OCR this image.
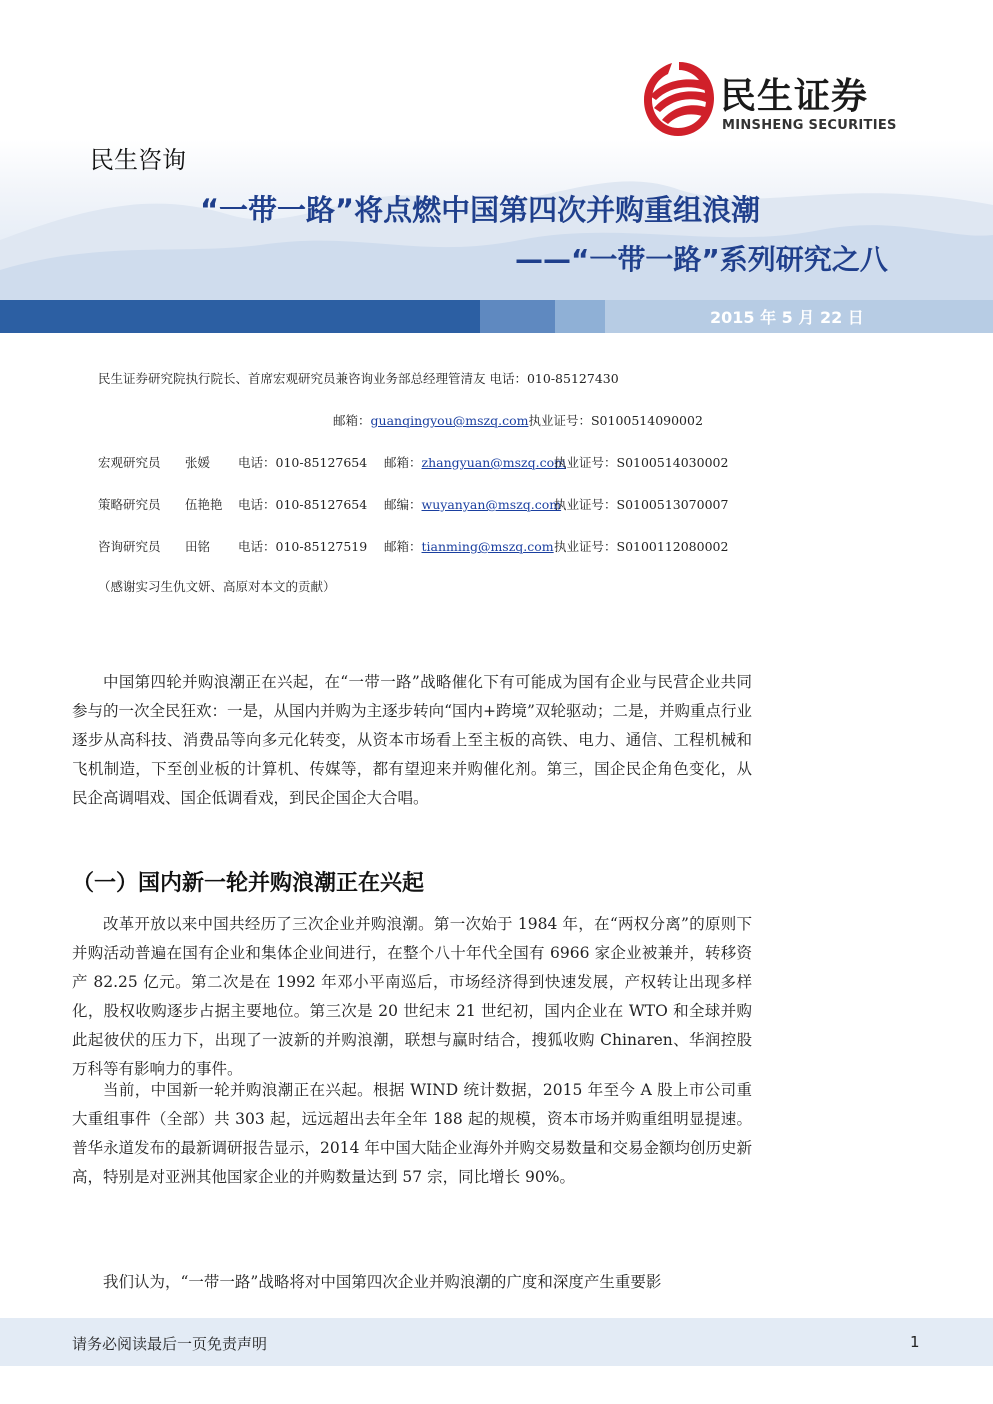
民生证券
MINSHENG SECURITIES
民生咨询
“一带一路”将点燃中国第四次并购重组浪潮
——“一带一路”系列研究之八
2015 年 5 月 22 日
民生证券研究院执行院长、首席宏观研究员兼咨询业务部总经理管清友 电话：010-85127430
邮箱：guanqingyou@mszq.com执业证号：S0100514090002
宏观研究员 张媛 电话：010-85127654 邮箱：zhangyuan@mszq.com
执业证号：S0100514030002
策略研究员 伍艳艳 电话：010-85127654 邮编：wuyanyan@mszq.com
执业证号：S0100513070007
咨询研究员 田铭 电话：010-85127519 邮箱：tianming@mszq.com 执业证号：S0100112080002
（感谢实习生仇文妍、高原对本文的贡献）
中国第四轮并购浪潮正在兴起，在“一带一路”战略催化下有可能成为国有企业与民营企业共同参与的一次全民狂欢：一是，从国内并购为主逐步转向“国内+跨境”双轮驱动；二是，并购重点行业逐步从高科技、消费品等向多元化转变，从资本市场看上至主板的高铁、电力、通信、工程机械和飞机制造，下至创业板的计算机、传媒等，都有望迎来并购催化剂。第三，国企民企角色变化，从民企高调唱戏、国企低调看戏，到民企国企大合唱。
（一）国内新一轮并购浪潮正在兴起
改革开放以来中国共经历了三次企业并购浪潮。第一次始于 1984 年，在“两权分离”的原则下并购活动普遍在国有企业和集体企业间进行，在整个八十年代全国有 6966 家企业被兼并，转移资产 82.25 亿元。第二次是在 1992 年邓小平南巡后，市场经济得到快速发展，产权转让出现多样化，股权收购逐步占据主要地位。第三次是 20 世纪末 21 世纪初，国内企业在 WTO 和全球并购此起彼伏的压力下，出现了一波新的并购浪潮，联想与赢时结合，搜狐收购 Chinaren、华润控股万科等有影响力的事件。
当前，中国新一轮并购浪潮正在兴起。根据 WIND 统计数据，2015 年至今 A 股上市公司重大重组事件（全部）共 303 起，远远超出去年全年 188 起的规模，资本市场并购重组明显提速。普华永道发布的最新调研报告显示，2014 年中国大陆企业海外并购交易数量和交易金额均创历史新高，特别是对亚洲其他国家企业的并购数量达到 57 宗，同比增长 90%。
我们认为，“一带一路”战略将对中国第四次企业并购浪潮的广度和深度产生重要影
请务必阅读最后一页免责声明	1
